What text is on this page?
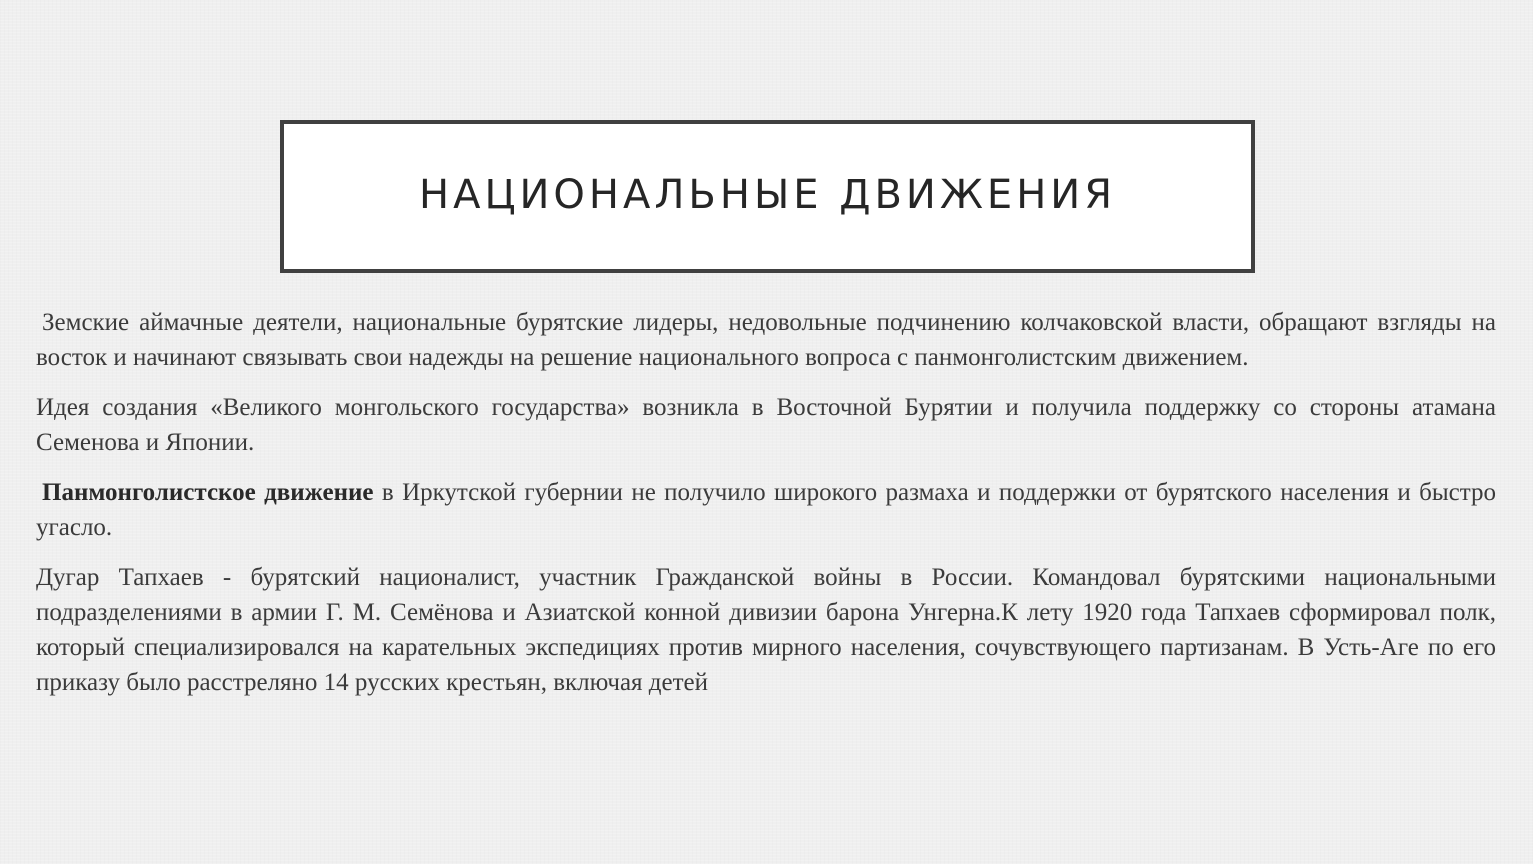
НАЦИОНАЛЬНЫЕ ДВИЖЕНИЯ

Земские аймачные деятели, национальные бурятские лидеры, недовольные подчинению колчаковской власти, обращают взгляды на восток и начинают связывать свои надежды на решение национального вопроса с панмонголистским движением.

Идея создания «Великого монгольского государства» возникла в Восточной Бурятии и получила поддержку со стороны атамана Семенова и Японии.

Панмонголистское движение в Иркутской губернии не получило широкого размаха и поддержки от бурятского населения и быстро угасло.

Дугар Тапхаев - бурятский националист, участник Гражданской войны в России. Командовал бурятскими национальными подразделениями в армии Г. М. Семёнова и Азиатской конной дивизии барона Унгерна.К лету 1920 года Тапхаев сформировал полк, который специализировался на карательных экспедициях против мирного населения, сочувствующего партизанам. В Усть-Аге по его приказу было расстреляно 14 русских крестьян, включая детей
